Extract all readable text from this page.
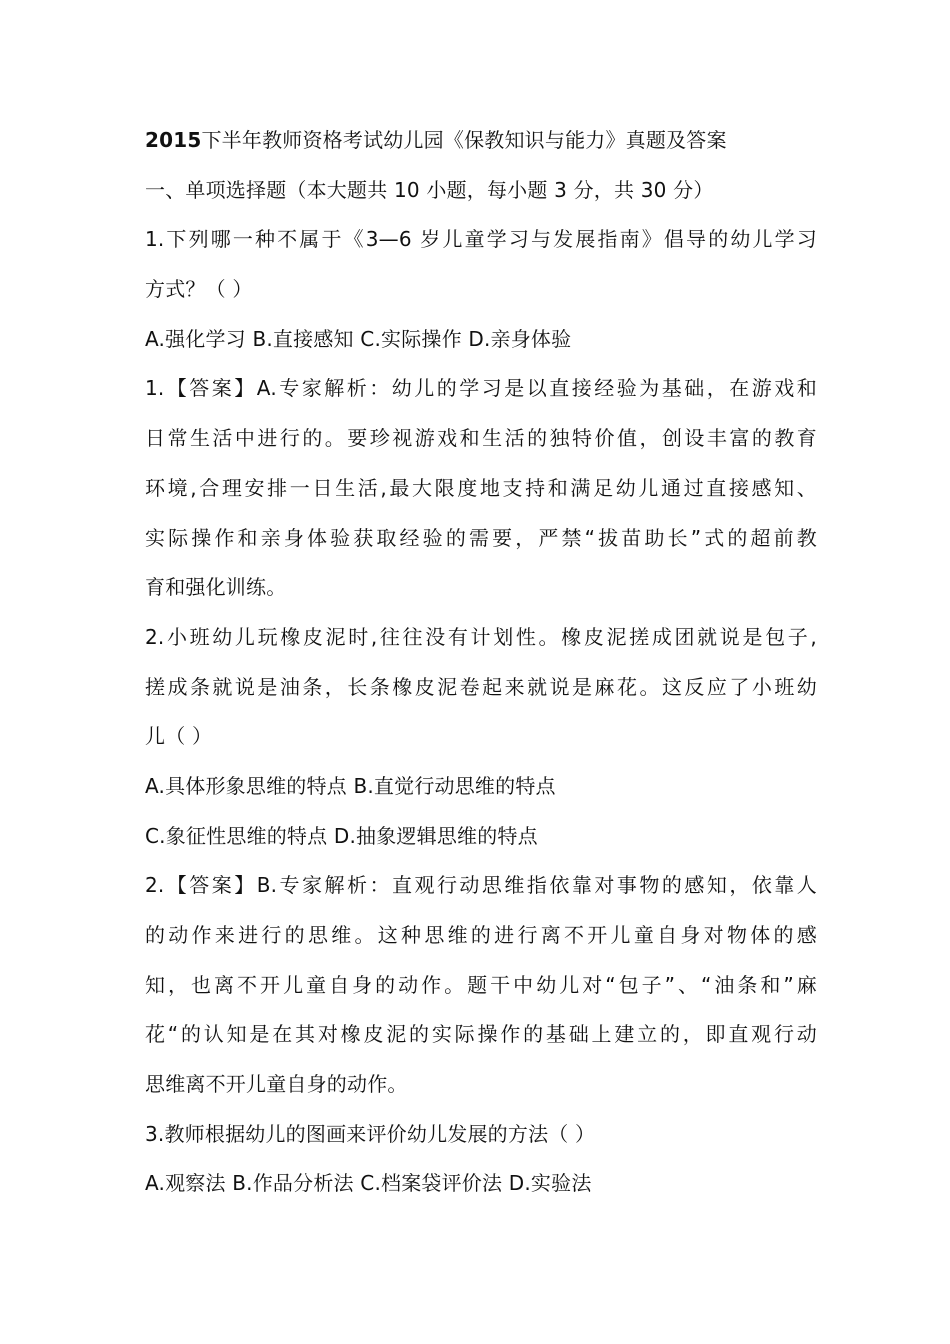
2015下半年教师资格考试幼儿园《保教知识与能力》真题及答案
一、单项选择题（本大题共 10 小题，每小题 3 分，共 30 分）
1.下列哪一种不属于《3—6 岁儿童学习与发展指南》倡导的幼儿学习
方式？（ ）
A.强化学习 B.直接感知 C.实际操作 D.亲身体验
1.【答案】A.专家解析：幼儿的学习是以直接经验为基础，在游戏和
日常生活中进行的。要珍视游戏和生活的独特价值，创设丰富的教育
环境,合理安排一日生活,最大限度地支持和满足幼儿通过直接感知、
实际操作和亲身体验获取经验的需要，严禁“拔苗助长”式的超前教
育和强化训练。
2.小班幼儿玩橡皮泥时,往往没有计划性。橡皮泥搓成团就说是包子,
搓成条就说是油条，长条橡皮泥卷起来就说是麻花。这反应了小班幼
儿（ ）
A.具体形象思维的特点 B.直觉行动思维的特点
C.象征性思维的特点 D.抽象逻辑思维的特点
2.【答案】B.专家解析：直观行动思维指依靠对事物的感知，依靠人
的动作来进行的思维。这种思维的进行离不开儿童自身对物体的感
知，也离不开儿童自身的动作。题干中幼儿对“包子”、“油条和”麻
花“的认知是在其对橡皮泥的实际操作的基础上建立的，即直观行动
思维离不开儿童自身的动作。
3.教师根据幼儿的图画来评价幼儿发展的方法（ ）
A.观察法 B.作品分析法 C.档案袋评价法 D.实验法
